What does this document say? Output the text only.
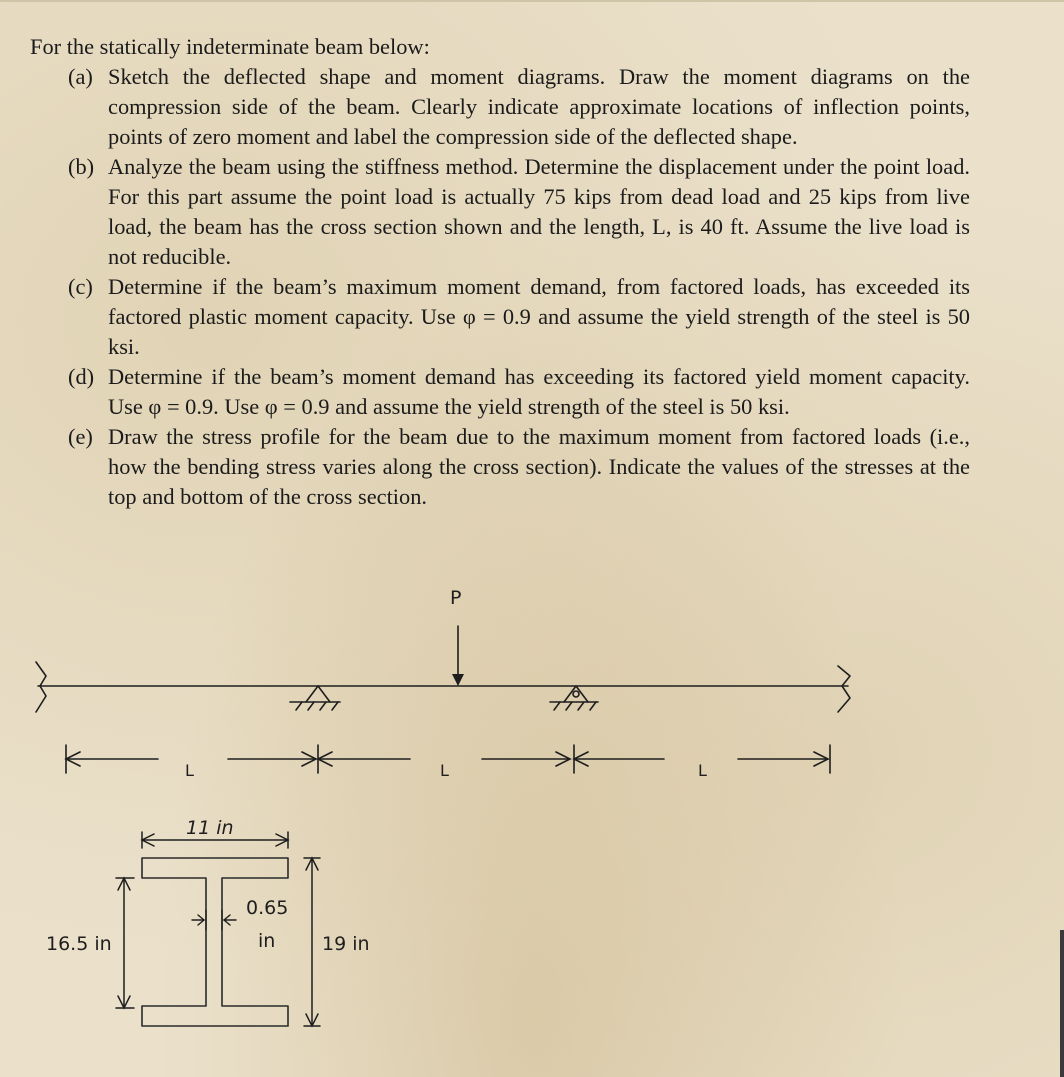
For the statically indeterminate beam below:

(a) Sketch the deflected shape and moment diagrams. Draw the moment diagrams on the compression side of the beam. Clearly indicate approximate locations of inflection points, points of zero moment and label the compression side of the deflected shape.
(b) Analyze the beam using the stiffness method. Determine the displacement under the point load. For this part assume the point load is actually 75 kips from dead load and 25 kips from live load, the beam has the cross section shown and the length, L, is 40 ft. Assume the live load is not reducible.
(c) Determine if the beam’s maximum moment demand, from factored loads, has exceeded its factored plastic moment capacity. Use φ = 0.9 and assume the yield strength of the steel is 50 ksi.
(d) Determine if the beam’s moment demand has exceeding its factored yield moment capacity. Use φ = 0.9. Use φ = 0.9 and assume the yield strength of the steel is 50 ksi.
(e) Draw the stress profile for the beam due to the maximum moment from factored loads (i.e., how the bending stress varies along the cross section). Indicate the values of the stresses at the top and bottom of the cross section.
P
L	L	L
11 in
0.65
in
16.5 in	19 in
